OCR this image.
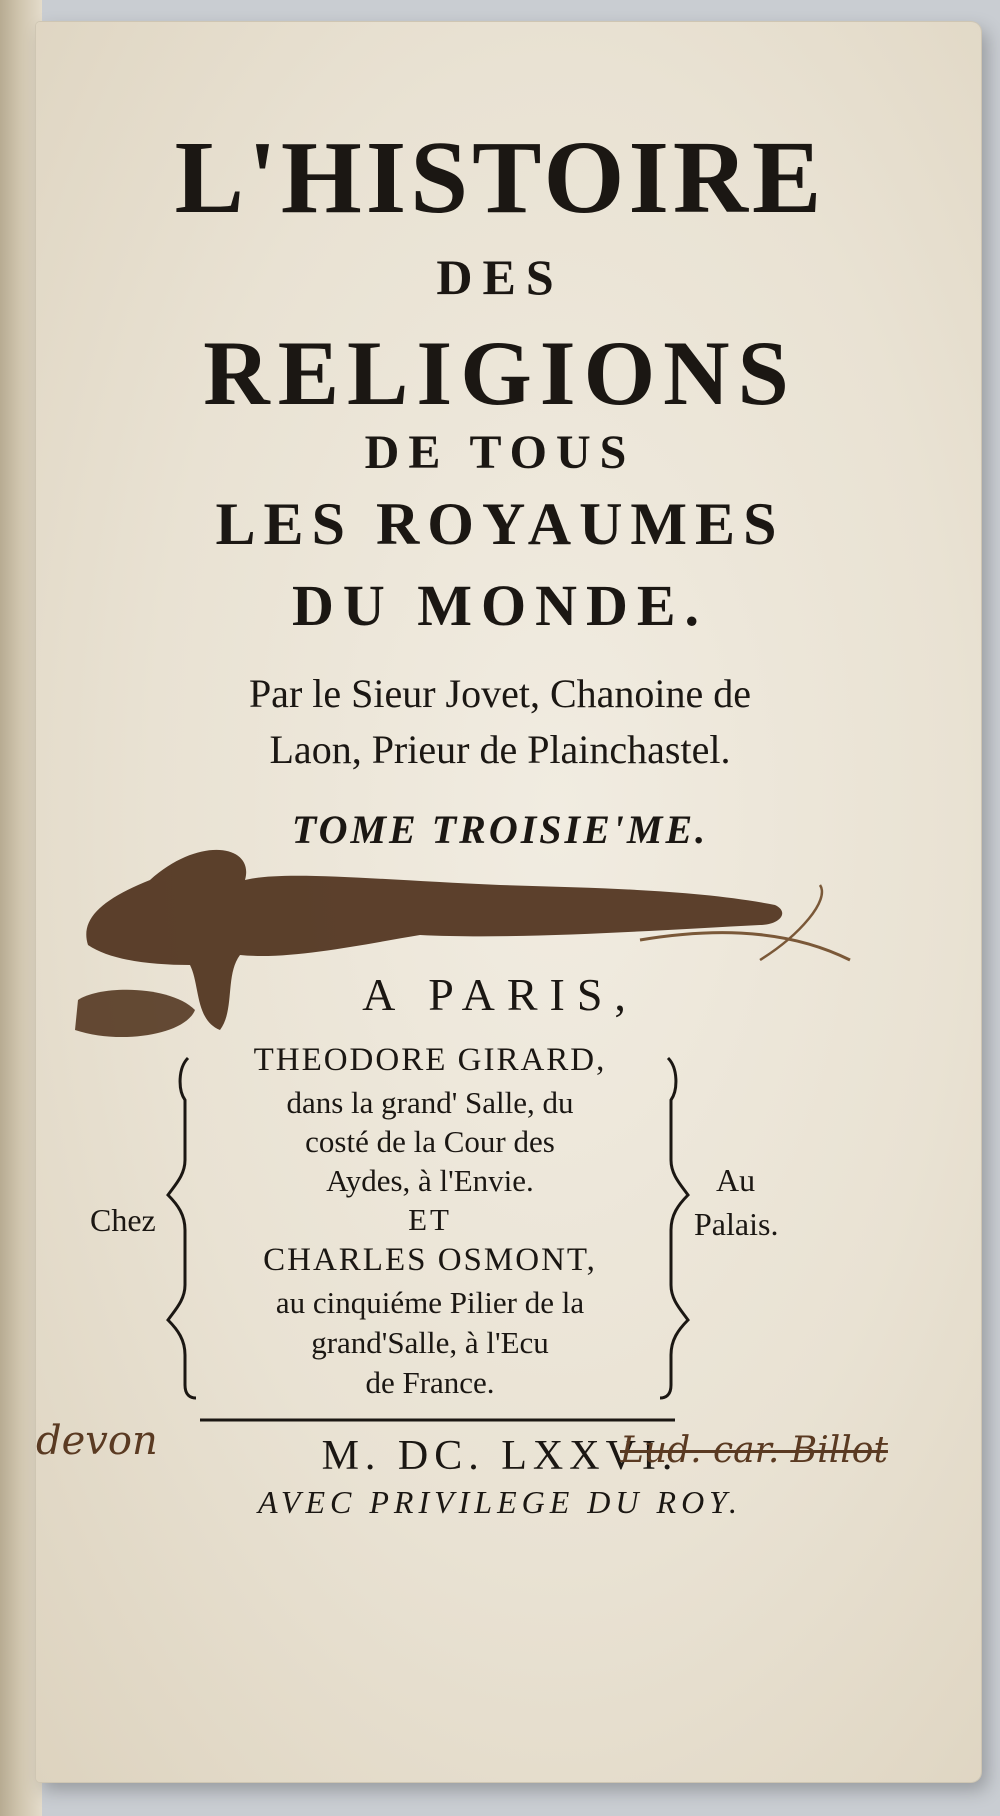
L'HISTOIRE
DES
RELIGIONS
DE TOUS
LES ROYAUMES
DU MONDE.
Par le Sieur Jovet, Chanoine de
Laon, Prieur de Plainchastel.
TOME TROISIE'ME.
A PARIS,
Chez
Au
Palais.
THEODORE GIRARD,
dans la grand' Salle, du
costé de la Cour des
Aydes, à l'Envie.
ET
CHARLES OSMONT,
au cinquiéme Pilier de la
grand'Salle, à l'Ecu
de France.
M. DC. LXXVI.
AVEC PRIVILEGE DU ROY.
devon	Lud. car. Billot
